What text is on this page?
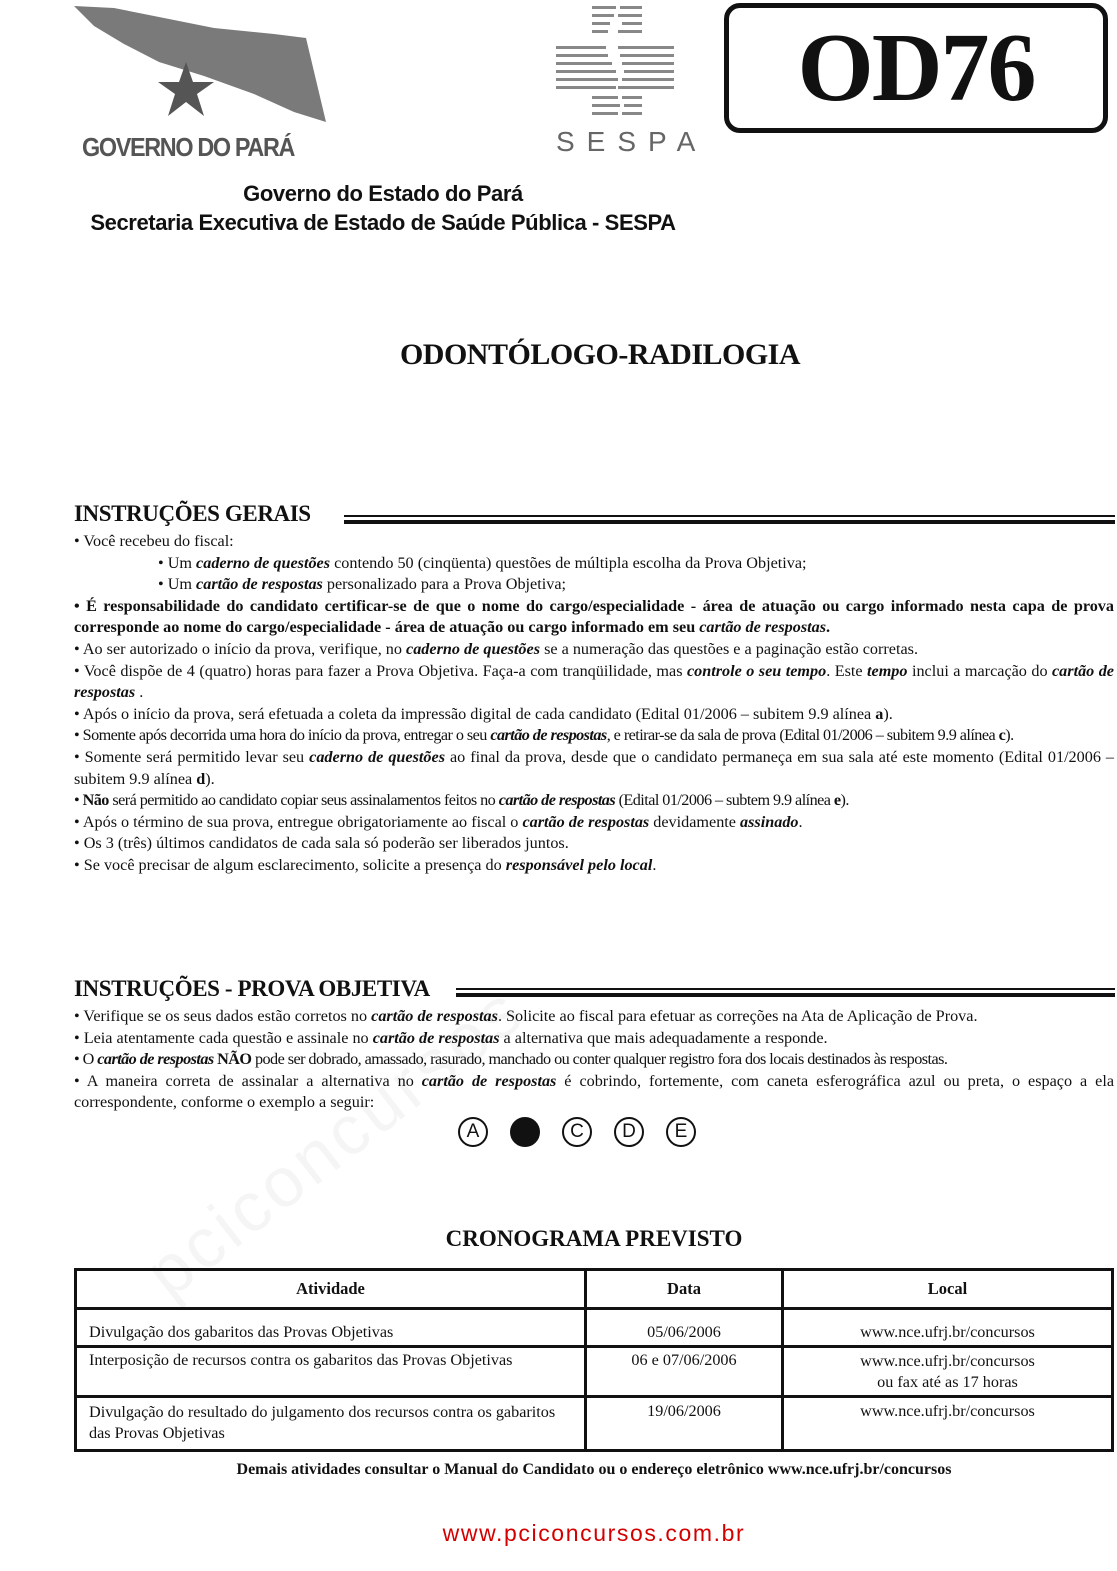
GOVERNO DO PARÁ	SESPA
OD76
Governo do Estado do Pará
Secretaria Executiva de Estado de Saúde Pública - SESPA
ODONTÓLOGO-RADILOGIA
INSTRUÇÕES GERAIS
• Você recebeu do fiscal:
• Um caderno de questões contendo 50 (cinqüenta) questões de múltipla escolha da Prova Objetiva;
• Um cartão de respostas personalizado para a Prova Objetiva;
• É responsabilidade do candidato certificar-se de que o nome do cargo/especialidade - área de atuação ou cargo informado nesta capa de prova corresponde ao nome do cargo/especialidade - área de atuação ou cargo informado em seu cartão de respostas.
• Ao ser autorizado o início da prova, verifique, no caderno de questões se a numeração das questões e a paginação estão corretas.
• Você dispõe de 4 (quatro) horas para fazer a Prova Objetiva. Faça-a com tranqüilidade, mas controle o seu tempo. Este tempo inclui a marcação do cartão de respostas .
• Após o início da prova, será efetuada a coleta da impressão digital de cada candidato (Edital 01/2006 – subitem 9.9 alínea a).
• Somente após decorrida uma hora do início da prova, entregar o seu cartão de respostas, e retirar-se da sala de prova (Edital 01/2006 – subitem 9.9 alínea c).
• Somente será permitido levar seu caderno de questões ao final da prova, desde que o candidato permaneça em sua sala até este momento (Edital 01/2006 – subitem 9.9 alínea d).
• Não será permitido ao candidato copiar seus assinalamentos feitos no cartão de respostas (Edital 01/2006 – subtem 9.9 alínea e).
• Após o término de sua prova, entregue obrigatoriamente ao fiscal o cartão de respostas devidamente assinado.
• Os 3 (três) últimos candidatos de cada sala só poderão ser liberados juntos.
• Se você precisar de algum esclarecimento, solicite a presença do responsável pelo local.
INSTRUÇÕES - PROVA OBJETIVA
• Verifique se os seus dados estão corretos no cartão de respostas. Solicite ao fiscal para efetuar as correções na Ata de Aplicação de Prova.
• Leia atentamente cada questão e assinale no cartão de respostas a alternativa que mais adequadamente a responde.
• O cartão de respostas NÃO pode ser dobrado, amassado, rasurado, manchado ou conter qualquer registro fora dos locais destinados às respostas.
• A maneira correta de assinalar a alternativa no cartão de respostas é cobrindo, fortemente, com caneta esferográfica azul ou preta, o espaço a ela correspondente, conforme o exemplo a seguir:
A	C	D	E
CRONOGRAMA PREVISTO
Atividade	Data	Local
Divulgação dos gabaritos das Provas Objetivas	05/06/2006	www.nce.ufrj.br/concursos
Interposição de recursos contra os gabaritos das Provas Objetivas	06 e 07/06/2006	www.nce.ufrj.br/concursos
ou fax até as 17 horas
Divulgação do resultado do julgamento dos recursos contra os gabaritos das Provas Objetivas	19/06/2006	www.nce.ufrj.br/concursos
Demais atividades consultar o Manual do Candidato ou o endereço eletrônico www.nce.ufrj.br/concursos
www.pciconcursos.com.br
